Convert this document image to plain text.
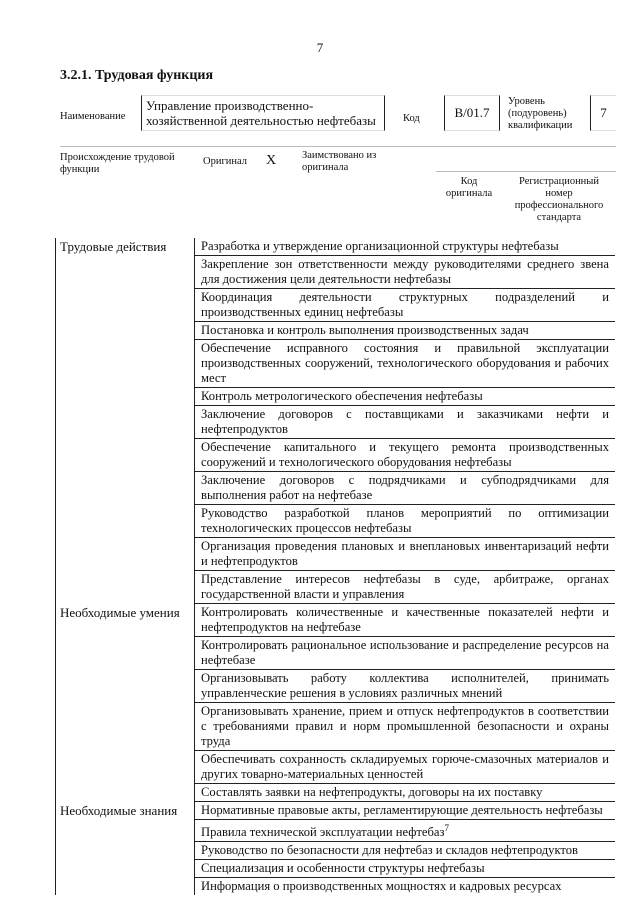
7
3.2.1. Трудовая функция
Наименование
Управление производственно-хозяйственной деятельностью нефтебазы	Код	B/01.7
Уровень (подуровень) квалификации
7
Происхождение трудовой функции
Оригинал X Заимствовано из оригинала
Код оригинала
Регистрационный номер профессионального стандарта
Трудовые действия	Разработка и утверждение организационной структуры нефтебазы
	Закрепление зон ответственности между руководителями среднего звена для достижения цели деятельности нефтебазы
	Координация деятельности структурных подразделений и производственных единиц нефтебазы
	Постановка и контроль выполнения производственных задач
	Обеспечение исправного состояния и правильной эксплуатации производственных сооружений, технологического оборудования и рабочих мест
	Контроль метрологического обеспечения нефтебазы
	Заключение договоров с поставщиками и заказчиками нефти и нефтепродуктов
	Обеспечение капитального и текущего ремонта производственных сооружений и технологического оборудования нефтебазы
	Заключение договоров с подрядчиками и субподрядчиками для выполнения работ на нефтебазе
	Руководство разработкой планов мероприятий по оптимизации технологических процессов нефтебазы
	Организация проведения плановых и внеплановых инвентаризаций нефти и нефтепродуктов
	Представление интересов нефтебазы в суде, арбитраже, органах государственной власти и управления

Необходимые умения	Контролировать количественные и качественные показателей нефти и нефтепродуктов на нефтебазе
	Контролировать рациональное использование и распределение ресурсов на нефтебазе
	Организовывать работу коллектива исполнителей, принимать управленческие решения в условиях различных мнений
	Организовывать хранение, прием и отпуск нефтепродуктов в соответствии с требованиями правил и норм промышленной безопасности и охраны труда
	Обеспечивать сохранность складируемых горюче-смазочных материалов и других товарно-материальных ценностей
	Составлять заявки на нефтепродукты, договоры на их поставку

Необходимые знания	Нормативные правовые акты, регламентирующие деятельность нефтебазы
	Правила технической эксплуатации нефтебаз$^7$
	Руководство по безопасности для нефтебаз и складов нефтепродуктов
	Специализация и особенности структуры нефтебазы
	Информация о производственных мощностях и кадровых ресурсах
